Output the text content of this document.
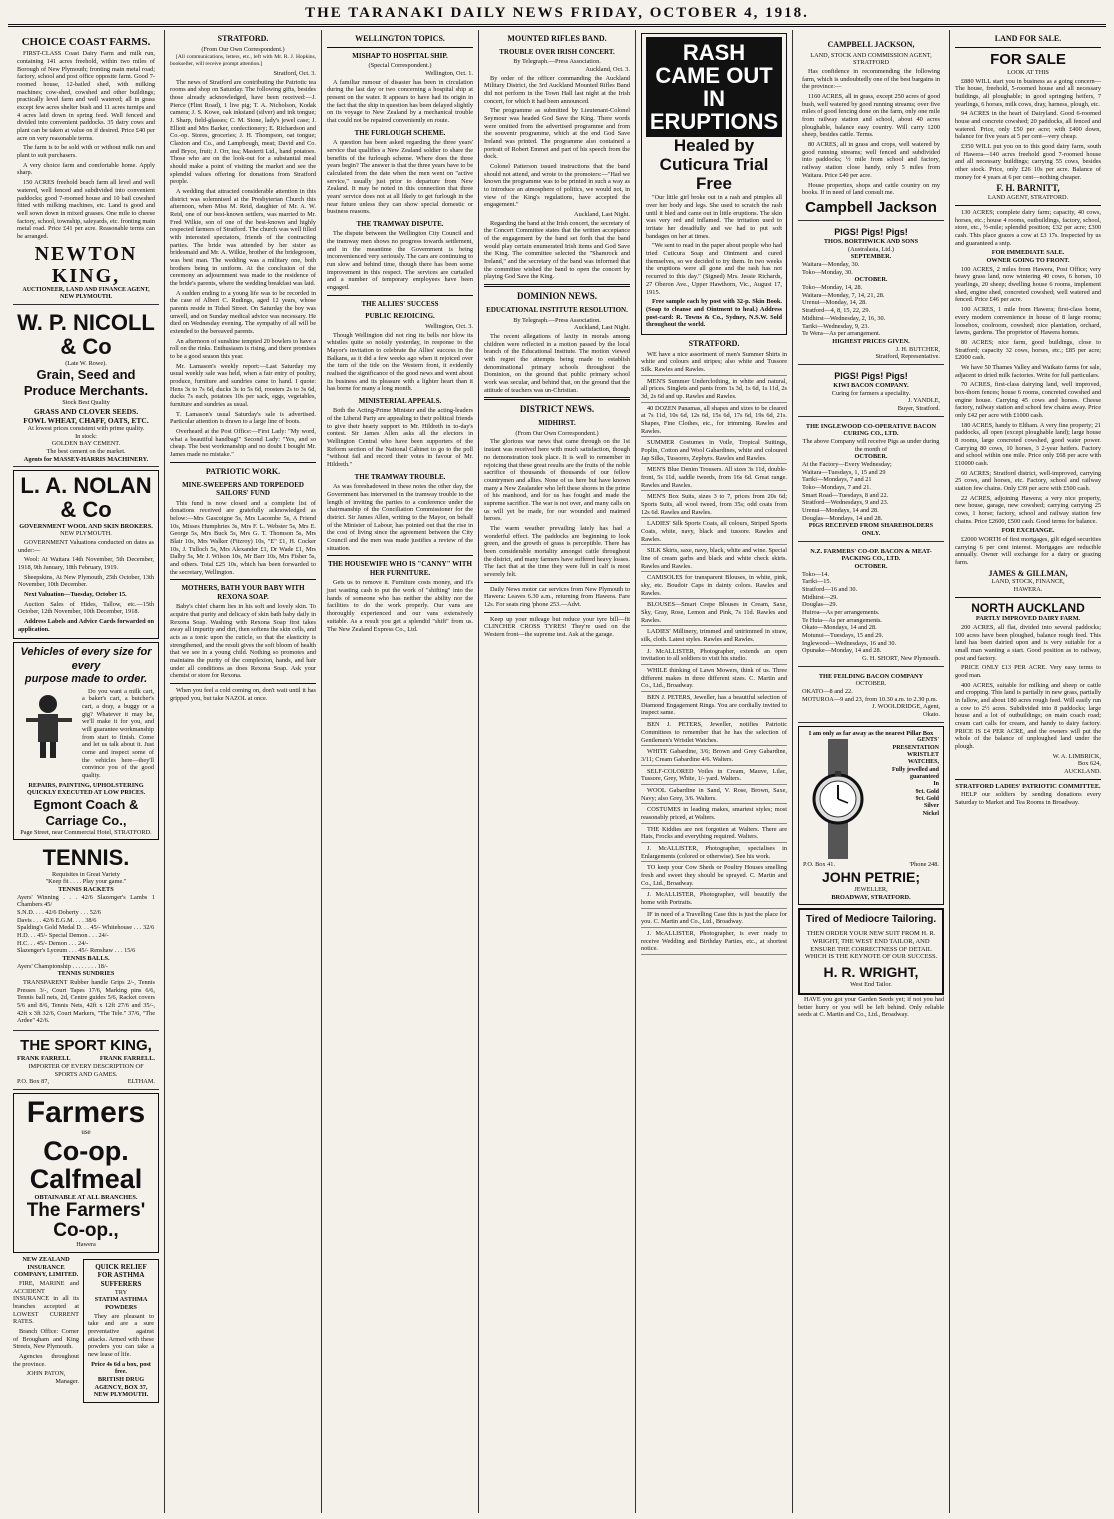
THE TARANAKI DAILY NEWS FRIDAY, OCTOBER 4, 1918.
CHOICE COAST FARMS.

FIRST-CLASS Coast Dairy Farm and milk run, containing 141 acres freehold, within two miles of Borough of New Plymouth; fronting main metal road; factory, school and post office opposite farm. Good 7-roomed house, 12-bailed shed, with milking machines; cow-shed, cowshed and other buildings; practically level farm and well watered; all in grass except few acres shelter bush and 11 acres turnips and 4 acres laid down in spring feed. Well fenced and divided into convenient paddocks. 35 dairy cows and plant can be taken at value on if desired. Price £40 per acre on very reasonable terms.

The farm is to be sold with or without milk run and plant to suit purchasers.

A very choice farm and comfortable home. Apply sharp.

150 ACRES freehold beach farm all level and well watered, well fenced and subdivided into convenient paddocks; good 7-roomed house and 10 bail cowshed fitted with milking machines, etc. Land is good and well sown down in mixed grasses. One mile to cheese factory, school, township, saleyards, etc. fronting main metal road. Price £41 per acre. Reasonable terms can be arranged.

NEWTON KING,
AUCTIONEER, LAND AND FINANCE AGENT,
NEW PLYMOUTH.
W. P. NICOLL & Co
(Late W. Rowe).
Grain, Seed and Produce Merchants.
Stock Best Quality
GRASS AND CLOVER SEEDS.
FOWL WHEAT, CHAFF, OATS, ETC.
At lowest prices consistent with prime quality.
In stock:
GOLDEN BAY CEMENT.
The best cement on the market.
Agents for MASSEY-HARRIS MACHINERY.
L. A. NOLAN & Co
GOVERNMENT WOOL AND SKIN BROKERS.
NEW PLYMOUTH.

GOVERNMENT Valuations conducted on dates as under:—

Wool: At Waitara 14th November, 5th December, 1918, 9th January, 18th February, 1919.

Sheepskins, At New Plymouth, 25th October, 13th November, 10th December.

Next Valuation—Tuesday, October 15.

Auction Sales of Hides, Tallow, etc.—15th October, 12th November, 10th December, 1918.

Address Labels and Advice Cards forwarded on application.

Vehicles of every size for every
purpose made to order.

Do you want a milk cart, a baker's cart, a butcher's cart, a dray, a buggy or a gig? Whatever it may be, we'll make it for you, and will guarantee workmanship from start to finish. Come and let us talk about it. Just come and inspect some of the vehicles here—they'll convince you of the good quality.

REPAIRS, PAINTING, UPHOLSTERING QUICKLY EXECUTED AT LOW PRICES.
Egmont Coach & Carriage Co.,
Page Street, near Commercial Hotel, STRATFORD.
TENNIS.
Requisites in Great Variety
"Keep fit . . . . Play your game."
TENNIS RACKETS
Ayers' Winning . . . 42/6 Slazenger's Lambs 1 Chambers 45/
S.N.D. . . . 42/6 Doherty . . . 52/6
Davis . . . 42/6 E.G.M. . . . 38/6
Spalding's Gold Medal D. . . 45/- Whitehouse . . . 32/6
H.D. . . 45/- Special Demon . . . 24/-
H.C. . . 45/- Demon . . . 24/-
Slazenger's Lyceum . . . 45/- Renshaw . . . 15/6
TENNIS BALLS.
Ayers' Championship . . . . . . . . 18/-
TENNIS SUNDRIES

TRANSPARENT Rubber handle Grips 2/-, Tennis Presses 3/-, Court Tapes 17/6, Marking pins 6/6, Tennis ball nets, 2d, Centre guides 5/6, Racket covers 5/6 and 8/6, Tennis Nets, 42ft x 12ft 27/6 and 35/-, 42ft x 3ft 32/6, Court Markers, "The Tele." 37/6, "The Ardee" 42/6.

THE SPORT KING,
FRANK FARRELL	FRANK FARRELL.
IMPORTER OF EVERY DESCRIPTION OF SPORTS AND GAMES.
P.O. Box 87,	ELTHAM.
Farmers
use
Co-op. Calfmeal
OBTAINABLE AT ALL BRANCHES.
The Farmers' Co-op.,
Hawera
NEW ZEALAND INSURANCE COMPANY, LIMITED.

FIRE, MARINE and ACCIDENT INSURANCE in all its branches accepted at LOWEST CURRENT RATES.

Branch Office: Corner of Brougham and King Streets, New Plymouth.

Agencies throughout the province.

JOHN PATON,
Manager.
QUICK RELIEF FOR ASTHMA SUFFERERS
TRY
STATIM ASTHMA POWDERS

They are pleasant to take and are a sure preventative against attacks. Armed with these powders you can take a new lease of life.

Price 4s 6d a box, post free.
BRITISH DRUG AGENCY, BOX 37, NEW PLYMOUTH.
STRATFORD.
(From Our Own Correspondent.)

[All communications, letters, etc., left with Mr. R. J. Hopkins, bookseller, will receive prompt attention.]

Stratford, Oct. 3.

The news of Stratford are contributing the Patriotic tea rooms and shop on Saturday. The following gifts, besides those already acknowledged, have been received:—J. Pierce (Flint Road), 1 live pig; T. A. Nicholson, Kodak camera; J. S. Kowe, oak inkstand (silver) and ink tongue; J. Sharp, field-glasses; C. M. Stone, lady's jewel case; J. Elliott and Mrs Barker, confectionery; E. Richardson and Co.-op. Stores, groceries; J. H. Thompson, oat tongue; Claxton and Co., and Lampbough, meat; David and Co. and Bryce, fruit; J. Orr, tea; Masterti Ltd., hand potatoes. Those who are on the look-out for a substantial meal should make a point of visiting the market and see the splendid values offering for donations from Stratford people.

A wedding that attracted considerable attention in this district was solemnised at the Presbyterian Church this afternoon, when Miss M. Reid, daughter of Mr. A. W. Reid, one of our best-known settlers, was married to Mr. Fred Wilkie, son of one of the best-known and highly respected farmers of Stratford. The church was well filled with interested spectators, friends of the contracting parties. The bride was attended by her sister as bridesmaid and Mr. A. Wilkie, brother of the bridegroom, was best man. The wedding was a military one, both brothers being in uniform. At the conclusion of the ceremony an adjournment was made to the residence of the bride's parents, where the wedding breakfast was laid.

A sudden ending to a young life was to be recorded in the case of Albert C. Rudings, aged 12 years, whose parents reside in Tidsel Street. On Saturday the boy was unwell, and on Sunday medical advice was necessary. He died on Wednesday evening. The sympathy of all will be extended to the bereaved parents.

An afternoon of sunshine tempted 20 bowlers to have a roll on the rinks. Enthusiasm is rising, and there promises to be a good season this year.

Mr. Lamason's weekly report:—Last Saturday my usual weekly sale was held, when a fair entry of poultry, produce, furniture and sundries came to hand. I quote: Hens 3s to 7s 6d, ducks 3s to 5s 6d, roosters 2s to 3s 6d, ducks 7s each, potatoes 10s per sack, eggs, vegetables, furniture and sundries as usual.

T. Lamason's usual Saturday's sale is advertised. Particular attention is drawn to a large line of boots.

Overheard at the Post Office:—First Lady: "My word, what a beautiful handbag!" Second Lady: "Yes, and so cheap. The best workmanship and no doubt I bought Mr. James made no mistake."

PATRIOTIC WORK.
MINE-SWEEPERS AND TORPEDOED SAILORS' FUND

This fund is now closed and a complete list of donations received are gratefully acknowledged as below:—Mrs Gascoigne 5s, Mrs Lacombe 5s, A Friend 10s, Misses Humphries 3s, Mrs F. L. Webster 5s, Mrs E. George 5s, Mrs Buck 5s, Mrs G. T. Thomson 5s, Mrs Blair 10s, Mrs Walker (Fitzroy) 10s, "E" £1, H. Cocker 10s, J. Tulloch 5s, Mrs Alexander £1, Dr Wade £1, Mrs Dalby 5s, Mr J. Wilson 10s, Mr Barr 10s, Mrs Fisher 5s, and others. Total £25 10s, which has been forwarded to the secretary, Wellington.

MOTHERS, BATH YOUR BABY WITH REXONA SOAP.

Baby's chief charm lies in his soft and lovely skin. To acquire that purity and delicacy of skin bath baby daily in Rexona Soap. Washing with Rexona Soap first takes away all impurity and dirt, then softens the skin cells, and acts as a tonic upon the cuticle, so that the elasticity is strengthened, and the result gives the soft bloom of health that we see in a young child. Nothing so promotes and maintains the purity of the complexion, hands, and hair under all conditions as does Rexona Soap. Ask your chemist or store for Rexona.

When you feel a cold coming on, don't wait until it has gripped you, but take NAZOL at once.

WELLINGTON TOPICS.
MISHAP TO HOSPITAL SHIP.
(Special Correspondent.)
Wellington, Oct. 1.

A familiar rumour of disaster has been in circulation during the last day or two concerning a hospital ship at present on the water. It appears to have had its origin in the fact that the ship in question has been delayed slightly on its voyage to New Zealand by a mechanical trouble that could not be repaired conveniently en route.

THE FURLOUGH SCHEME.

A question has been asked regarding the three years' service that qualifies a New Zealand soldier to share the benefits of the furlough scheme. Where does the three years begin? The answer is that the three years have to be calculated from the date when the men went on "active service," usually just prior to departure from New Zealand. It may be noted in this connection that three years' service does not at all likely to get furlough in the near future unless they can show special domestic or business reasons.

THE TRAMWAY DISPUTE.

The dispute between the Wellington City Council and the tramway men shows no progress towards settlement, and in the meantime the Government is being inconvenienced very seriously. The cars are continuing to run slow and behind time, though there has been some improvement in this respect. The services are curtailed and a number of temporary employees have been engaged.

THE ALLIES' SUCCESS
PUBLIC REJOICING.
Wellington, Oct. 3.

Though Wellington did not ring its bells nor blow its whistles quite so noisily yesterday, in response to the Mayor's invitation to celebrate the Allies' success in the Balkans, as it did a few weeks ago when it rejoiced over the turn of the tide on the Western front, it evidently realised the significance of the good news and went about its business and its pleasure with a lighter heart than it has borne for many a long month.

MINISTERIAL APPEALS.

Both the Acting-Prime Minister and the acting-leaders of the Liberal Party are appealing to their political friends to give their hearty support to Mr. Hildreth in to-day's contest. Sir James Allen asks all the electors in Wellington Central who have been supporters of the Reform section of the National Cabinet to go to the poll "without fail and record their votes in favour of Mr. Hildreth."

THE TRAMWAY TROUBLE.

As was foreshadowed in these notes the other day, the Government has intervened in the tramway trouble to the length of inviting the parties to a conference under the chairmanship of the Conciliation Commissioner for the district. Sir James Allen, writing to the Mayor, on behalf of the Minister of Labour, has pointed out that the rise in the cost of living since the agreement between the City Council and the men was made justifies a review of the situation.

THE HOUSEWIFE WHO IS "CANNY" WITH HER FURNITURE.

Gets us to remove it. Furniture costs money, and it's just wasting cash to put the work of "shifting" into the hands of someone who has neither the ability nor the facilities to do the work properly. Our vans are thoroughly experienced and our vans extensively suitable. As a result you get a splendid "shift" from us. The New Zealand Express Co., Ltd.

MOUNTED RIFLES BAND.
TROUBLE OVER IRISH CONCERT.
By Telegraph.—Press Association.
Auckland, Oct. 3.

By order of the officer commanding the Auckland Military District, the 3rd Auckland Mounted Rifles Band did not perform in the Town Hall last night at the Irish concert, for which it had been announced.

The programme as submitted by Lieutenant-Colonel Seymour was headed God Save the King. There words were omitted from the advertised programme and from the souvenir programme, which at the end God Save Ireland was printed. The programme also contained a portrait of Robert Emmet and part of his speech from the dock.

Colonel Patterson issued instructions that the band should not attend, and wrote to the promoters:—"Had we known the programme was to be printed in such a way as to introduce an atmosphere of politics, we would not, in view of the King's regulations, have accepted the engagement."

Auckland, Last Night.

Regarding the band at the Irish concert, the secretary of the Concert Committee states that the written acceptance of the engagement by the band set forth that the band would play certain enumerated Irish items and God Save the King. The committee selected the "Shamrock and Ireland," and the secretary of the band was informed that the committee wished the band to open the concert by playing God Save the King.

DOMINION NEWS.
EDUCATIONAL INSTITUTE RESOLUTION.
By Telegraph.—Press Association.
Auckland, Last Night.

The recent allegations of laxity in morals among children were reflected in a motion passed by the local branch of the Educational Institute. The motion viewed with regret the attempts being made to establish denominational primary schools throughout the Dominion, on the ground that public primary school work was secular, and behind that, on the ground that the attitude of teachers was un-Christian.

DISTRICT NEWS.
MIDHIRST.
(From Our Own Correspondent.)

The glorious war news that came through on the 1st instant was received here with much satisfaction, though no demonstration took place. It is well to remember in rejoicing that these great results are the fruits of the noble sacrifice of thousands of thousands of our fellow countrymen and allies. None of us here but have known many a New Zealander who left these shores in the prime of his manhood, and for us has fought and made the supreme sacrifice. The war is not over, and many calls on us will yet be made, for our wounded and maimed heroes.

The warm weather prevailing lately has had a wonderful effect. The paddocks are beginning to look green, and the growth of grass is perceptible. There has been considerable mortality amongst cattle throughout the district, and many farmers have suffered heavy losses. The fact that at the time they were full in calf is most severely felt.

Daily News motor car services from New Plymouth to Hawera: Leaves 6.30 a.m., returning from Hawera. Fare 12s. For seats ring 'phone 253.—Advt.

Keep up your mileage but reduce your tyre bill—fit CLINCHER CROSS TYRES! They're used on the Western front—the supreme test. Ask at the garage.

RASH CAME OUT IN ERUPTIONS
Healed by Cuticura Trial Free

"Our little girl broke out in a rash and pimples all over her body and legs. She used to scratch the rash until it bled and came out in little eruptions. The skin was very red and inflamed. The irritation used to irritate her dreadfully and we had to put soft bandages on her at times.

"We sent to read in the paper about people who had tried Cuticura Soap and Ointment and cured themselves, so we decided to try them. In two weeks the eruptions were all gone and the rash has not recurred to this day." (Signed) Mrs. Jessie Richards, 27 Oberon Ave., Upper Hawthorn, Vic., August 17, 1915.

Free sample each by post with 32-p. Skin Book. (Soap to cleanse and Ointment to heal.) Address post-card: R. Towns & Co., Sydney, N.S.W. Sold throughout the world.

STRATFORD.

WE have a nice assortment of men's Summer Shirts in white and colours and stripes; also white and Tussore Silk. Rawles and Rawles.

MEN'S Summer Underclothing, in white and natural, all prices. Singlets and pants from 1s 3d, 1s 6d, 1s 11d, 2s 3d, 2s 6d and up. Rawles and Rawles.

40 DOZEN Panamas, all shapes and sizes to be cleared at 7s 11d, 10s 6d, 12s 6d, 15s 6d, 17s 6d, 19s 6d, 21s. Shapes, Fine Clothes, etc., for trimming. Rawles and Rawles.

SUMMER Costumes in Voile, Tropical Suitings, Poplin, Cotton and Wool Gabardines, white and coloured Jap Silks, Tussores, Zephyrs. Rawles and Rawles.

MEN'S Blue Denim Trousers. All sizes 3s 11d, double-front, 5s 11d, saddle tweeds, from 16s 6d. Great range. Rawles and Rawles.

MEN'S Box Suits, sizes 3 to 7, prices from 20s 6d; Sports Suits, all wool tweed, from 35s; odd coats from 12s 6d. Rawles and Rawles.

LADIES' Silk Sports Coats, all colours, Striped Sports Coats, white, navy, black and tussore. Rawles and Rawles.

SILK Skirts, saxe, navy, black, white and wine. Special line of cream garbs and black and white check skirts. Rawles and Rawles.

CAMISOLES for transparent Blouses, in white, pink, sky, etc. Boudoir Caps in dainty colors. Rawles and Rawles.

BLOUSES—Smart Crepe Blouses in Cream, Saxe, Sky, Gray, Rose, Lemon and Pink, 7s 11d. Rawles and Rawles.

LADIES' Millinery, trimmed and untrimmed in straw, silk, cloth. Latest styles. Rawles and Rawles.

J. McALLISTER, Photographer, extends an open invitation to all soldiers to visit his studio.

WHILE thinking of Lawn Mowers, think of us. Three different makes in three different sizes. C. Martin and Co., Ltd., Broadway.

BEN J. PETERS, Jeweller, has a beautiful selection of Diamond Engagement Rings. You are cordially invited to inspect same.

BEN J. PETERS, Jeweller, notifies Patriotic Committees to remember that he has the selection of Gentlemen's Wristlet Watches.

WHITE Gabardine, 3/6; Brown and Grey Gabardine, 3/11; Cream Gabardine 4/6. Walters.

SELF-COLORED Voiles in Cream, Mauve, Lilac, Tussore, Grey, White, 1/- yard. Walters.

WOOL Gabardine in Sand, V. Rose, Brown, Saxe, Navy; also Grey, 3/6. Walters.

COSTUMES in leading makes, smartest styles; most reasonably priced, at Walters.

THE Kiddies are not forgotten at Walters. There are Hats, Frocks and everything required. Walters.

J. McALLISTER, Photographer, specialises in Enlargements (colored or otherwise). See his work.

TO keep your Cow Sheds or Poultry Houses smelling fresh and sweet they should be sprayed. C. Martin and Co., Ltd., Broadway.

J. McALLISTER, Photographer, will beautify the home with Portraits.

IF in need of a Travelling Case this is just the place for you. C. Martin and Co., Ltd., Broadway.

J. McALLISTER, Photographer, is ever ready to receive Wedding and Birthday Parties, etc., at shortest notice.

CAMPBELL JACKSON,
LAND, STOCK AND COMMISSION AGENT, STRATFORD

Has confidence in recommending the following farm, which is undoubtedly one of the best bargains in the province:—

1160 ACRES, all in grass, except 250 acres of good bush, well watered by good running streams; over five miles of good fencing done on the farm, only one mile from railway station and school, about 40 acres ploughable, balance easy country. Will carry 1200 sheep, besides cattle. Terms.

80 ACRES, all in grass and crops, well watered by good running streams; well fenced and subdivided into paddocks; ½ mile from school and factory, railway station close handy, only 5 miles from Waitara. Price £40 per acre.

House properties, shops and cattle country on my books. If in need of land consult me.

Campbell Jackson
PIGS! Pigs! Pigs!
THOS. BORTHWICK AND SONS
(Australasia, Ltd.)
SEPTEMBER.
Waitara—Monday, 30.
Toko—Monday, 30.
OCTOBER.
Toko—Monday, 14, 28.
Waitara—Monday, 7, 14, 21, 28.
Urenui—Monday, 14, 28.
Stratford—4, 8, 15, 22, 29.
Midhirst—Wednesday, 2, 16, 30.
Tariki—Wednesday, 9, 23.
Te Wera—As per arrangement.
HIGHEST PRICES GIVEN.
J. H. BUTCHER,
Stratford, Representative.
PIGS! Pigs! Pigs!
KIWI BACON COMPANY.
Curing for farmers a speciality.
J. YANDLE,
Buyer, Stratford.
THE INGLEWOOD CO-OPERATIVE BACON CURING CO., LTD.
The above Company will receive Pigs as under during the month of
OCTOBER.
At the Factory—Every Wednesday;
Waitara—Tuesdays, 1, 15 and 29
Tariki—Mondays, 7 and 21
Toko—Mondays, 7 and 21.
Smart Road—Tuesdays, 8 and 22.
Stratford—Wednesdays, 9 and 23.
Urenui—Mondays, 14 and 28.
Douglas—Mondays, 14 and 28.
PIGS RECEIVED FROM SHAREHOLDERS ONLY.
N.Z. FARMERS' CO-OP. BACON & MEAT-PACKING CO., LTD.
OCTOBER.
Toko—14.
Tariki—15.
Stratford—16 and 30.
Midhirst—29.
Douglas—29.
Huiroa—As per arrangements.
Te Huia—As per arrangements.
Okato—Mondays, 14 and 28.
Motunui—Tuesdays, 15 and 29.
Inglewood—Wednesdays, 16 and 30.
Opunake—Monday, 14 and 28.
G. H. SHORT, New Plymouth.
THE FEILDING BACON COMPANY
OCTOBER.
OKATO—8 and 22.
MOTUROA—9 and 23, from 10.30 a.m. to 2.30 p.m.
J. WOOLDRIDGE, Agent,
Okato.
I am only as far away as the nearest Pillar Box
GENTS'
PRESENTATION
WRISTLET
WATCHES,
Fully jewelled and
guaranteed
In
9ct. Gold
9ct. Gold
Silver
Nickel
P.O. Box 41.	'Phone 248.
JOHN PETRIE;
JEWELLER,
BROADWAY, STRATFORD.
Tired of Mediocre Tailoring.
THEN ORDER YOUR NEW SUIT FROM H. R. WRIGHT, THE WEST END TAILOR, AND ENSURE THE CORRECTNESS OF DETAIL WHICH IS THE KEYNOTE OF OUR SUCCESS.
H. R. WRIGHT,
West End Tailor.

HAVE you got your Garden Seeds yet; if not you had better hurry or you will be left behind. Only reliable seeds at C. Martin and Co., Ltd., Broadway.

LAND FOR SALE.
FOR SALE
LOOK AT THIS

£880 WILL start you in business as a going concern—The house, freehold, 5-roomed house and all necessary buildings, all ploughable; in good springing heifers, 7 yearlings, 6 horses, milk cows, dray, harness, plough, etc.

94 ACRES in the heart of Dairyland. Good 6-roomed house and concrete cowshed; 20 paddocks, all fenced and watered. Price, only £50 per acre; with £400 down, balance for five years at 5 per cent—very cheap.

£350 WILL put you on to this good dairy farm, south of Hawera—140 acres freehold good 7-roomed house and all necessary buildings; carrying 55 cows, besides other stock. Price, only £26 10s per acre. Balance of money for 4 years at 6 per cent—nothing cheaper.

F. H. BARNITT,
LAND AGENT, STRATFORD.

130 ACRES; complete dairy farm; capacity, 40 cows, horses, etc.; house 4 rooms, outbuildings, factory, school, store, etc., ½-mile; splendid position; £32 per acre; £300 cash. This place grazes a cow at £3 17s. Inspected by us and guaranteed a snip.

FOR IMMEDIATE SALE.
OWNER GOING TO FRONT.

100 ACRES, 2 miles from Hawera, Post Office; very heavy grass land, now wintering 40 cows, 6 horses, 10 yearlings, 20 sheep; dwelling house 6 rooms, implement shed, engine shed, concreted cowshed; well watered and fenced. Price £46 per acre.

100 ACRES, 1 mile from Hawera; first-class home, every modern convenience in house of 8 large rooms; loosebox, coolroom, cowshed; nice plantation, orchard, lawns, gardens. The proprietor of Hawera homes.

80 ACRES; nice farm, good buildings, close to Stratford; capacity 32 cows, horses, etc.; £85 per acre; £2000 cash.

We have 50 Thames Valley and Waikato farms for sale, adjacent to dried milk factories. Write for full particulars.

70 ACRES, first-class dairying land, well improved, box-thorn fences; house 6 rooms, concreted cowshed and engine house. Carrying 45 cows and horses. Cheese factory, railway station and school few chains away. Price only £42 per acre with £1000 cash.

180 ACRES, handy to Eltham. A very fine property; 21 paddocks, all open (except ploughable land); large house 8 rooms, large concreted cowshed, good water power. Carrying 80 cows, 10 horses, 3 2-year heifers. Factory and school within one mile. Price only £68 per acre with £10000 cash.

60 ACRES; Stratford district, well-improved, carrying 25 cows, and horses, etc. Factory, school and railway station few chains. Only £39 per acre with £500 cash.

22 ACRES, adjoining Hawera; a very nice property, new house, garage, new cowshed; carrying carrying 25 cows, 1 horse; factory, school and railway station few chains. Price £2600, £500 cash. Good terms for balance.

FOR EXCHANGE.

£2000 WORTH of first mortgages, gilt edged securities carrying 6 per cent interest. Mortgages are reducible annually. Owner will exchange for a dairy or grazing farm.

JAMES & GILLMAN,
LAND, STOCK, FINANCE,
HAWERA.
NORTH AUCKLAND
PARTLY IMPROVED DAIRY FARM.

200 ACRES, all flat, divided into several paddocks; 100 acres have been ploughed, balance rough feed. This land has been dairied upon and is very suitable for a small man wanting a start. Good position as to railway, post and factory.

PRICE ONLY £13 PER ACRE. Very easy terms to good man.

400 ACRES, suitable for milking and sheep or cattle and cropping. This land is partially in new grass, partially in fallow, and about 180 acres rough feed. Will easily run a cow to 2½ acres. Subdivided into 8 paddocks; large house and a lot of outbuildings; on main coach road; cream cart calls for cream, and handy to dairy factory. PRICE IS £4 PER ACRE, and the owners will put the whole of the balance of unploughed land under the plough.

W. A. LIMBRICK,
Box 624,
AUCKLAND.
STRATFORD LADIES' PATRIOTIC COMMITTEE.

HELP our soldiers by sending donations every Saturday to Market and Tea Rooms in Broadway.
